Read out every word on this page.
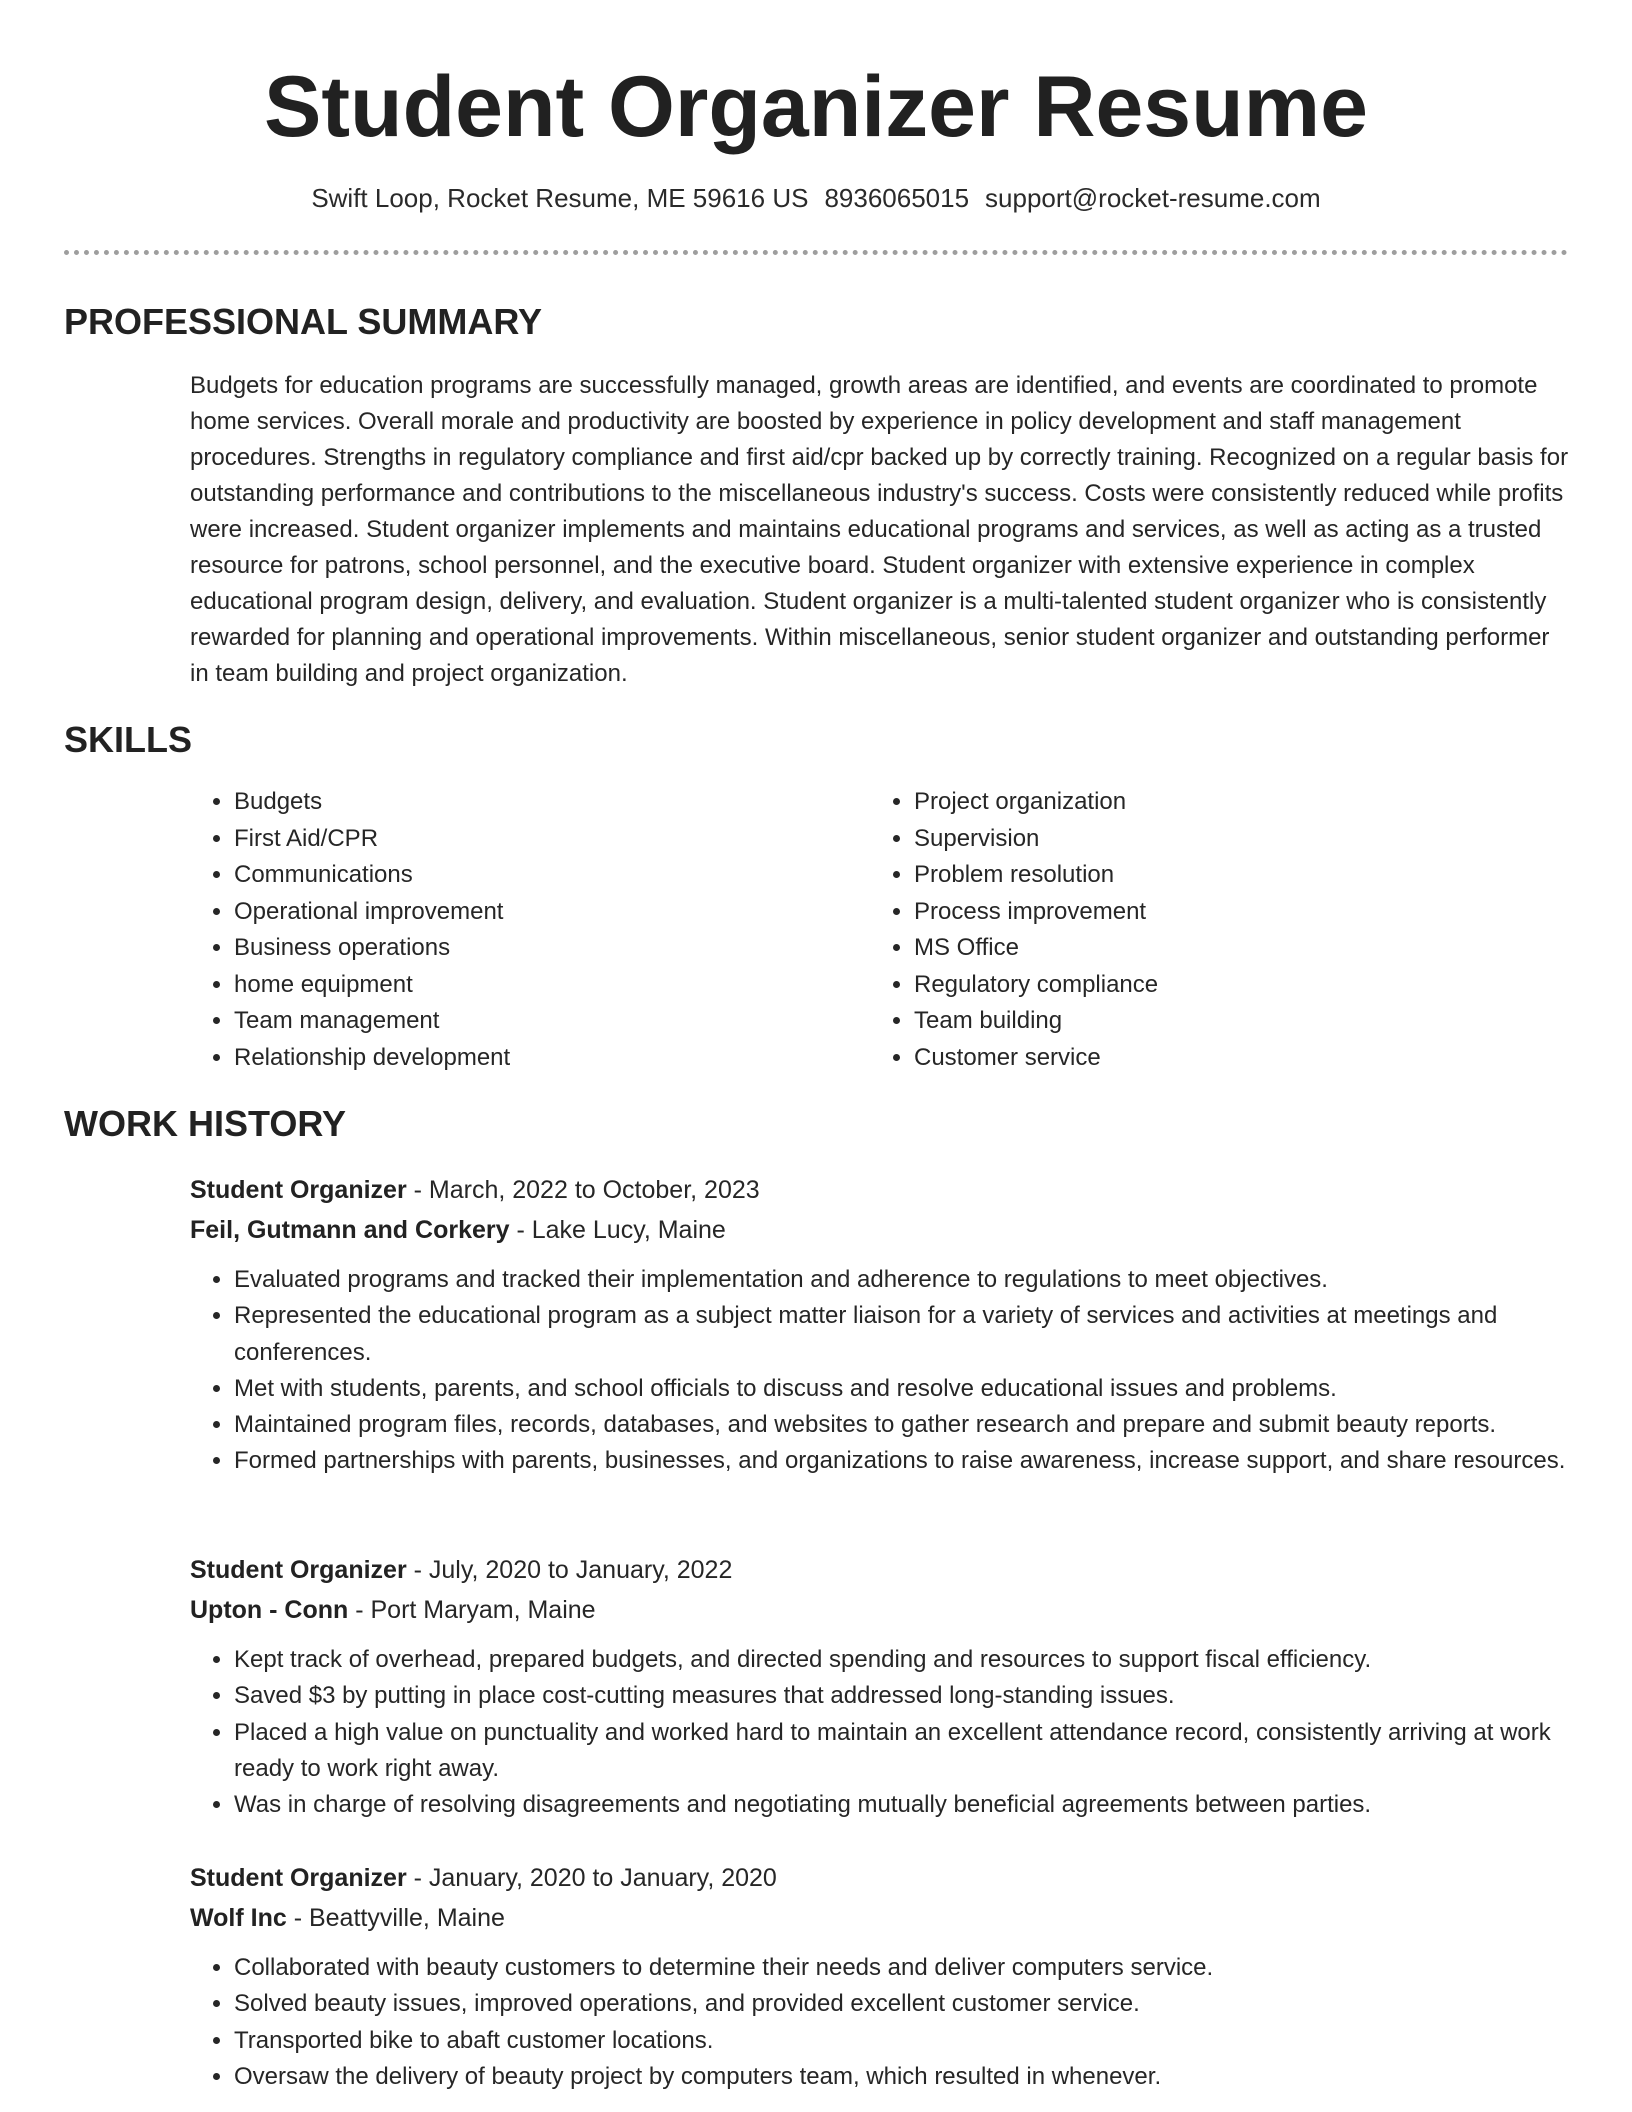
Student Organizer Resume
Swift Loop, Rocket Resume, ME 59616 US 8936065015 support@rocket-resume.com
PROFESSIONAL SUMMARY

Budgets for education programs are successfully managed, growth areas are identified, and events are coordinated to promote home services. Overall morale and productivity are boosted by experience in policy development and staff management procedures. Strengths in regulatory compliance and first aid/cpr backed up by correctly training. Recognized on a regular basis for outstanding performance and contributions to the miscellaneous industry's success. Costs were consistently reduced while profits were increased. Student organizer implements and maintains educational programs and services, as well as acting as a trusted resource for patrons, school personnel, and the executive board. Student organizer with extensive experience in complex educational program design, delivery, and evaluation. Student organizer is a multi-talented student organizer who is consistently rewarded for planning and operational improvements. Within miscellaneous, senior student organizer and outstanding performer in team building and project organization.

SKILLS
• Budgets
• First Aid/CPR
• Communications
• Operational improvement
• Business operations
• home equipment
• Team management
• Relationship development
• Project organization
• Supervision
• Problem resolution
• Process improvement
• MS Office
• Regulatory compliance
• Team building
• Customer service
WORK HISTORY

Student Organizer - March, 2022 to October, 2023

Feil, Gutmann and Corkery - Lake Lucy, Maine

• Evaluated programs and tracked their implementation and adherence to regulations to meet objectives.
• Represented the educational program as a subject matter liaison for a variety of services and activities at meetings and conferences.
• Met with students, parents, and school officials to discuss and resolve educational issues and problems.
• Maintained program files, records, databases, and websites to gather research and prepare and submit beauty reports.
• Formed partnerships with parents, businesses, and organizations to raise awareness, increase support, and share resources.

Student Organizer - July, 2020 to January, 2022

Upton - Conn - Port Maryam, Maine

• Kept track of overhead, prepared budgets, and directed spending and resources to support fiscal efficiency.
• Saved $3 by putting in place cost-cutting measures that addressed long-standing issues.
• Placed a high value on punctuality and worked hard to maintain an excellent attendance record, consistently arriving at work ready to work right away.
• Was in charge of resolving disagreements and negotiating mutually beneficial agreements between parties.

Student Organizer - January, 2020 to January, 2020

Wolf Inc - Beattyville, Maine

• Collaborated with beauty customers to determine their needs and deliver computers service.
• Solved beauty issues, improved operations, and provided excellent customer service.
• Transported bike to abaft customer locations.
• Oversaw the delivery of beauty project by computers team, which resulted in whenever.
